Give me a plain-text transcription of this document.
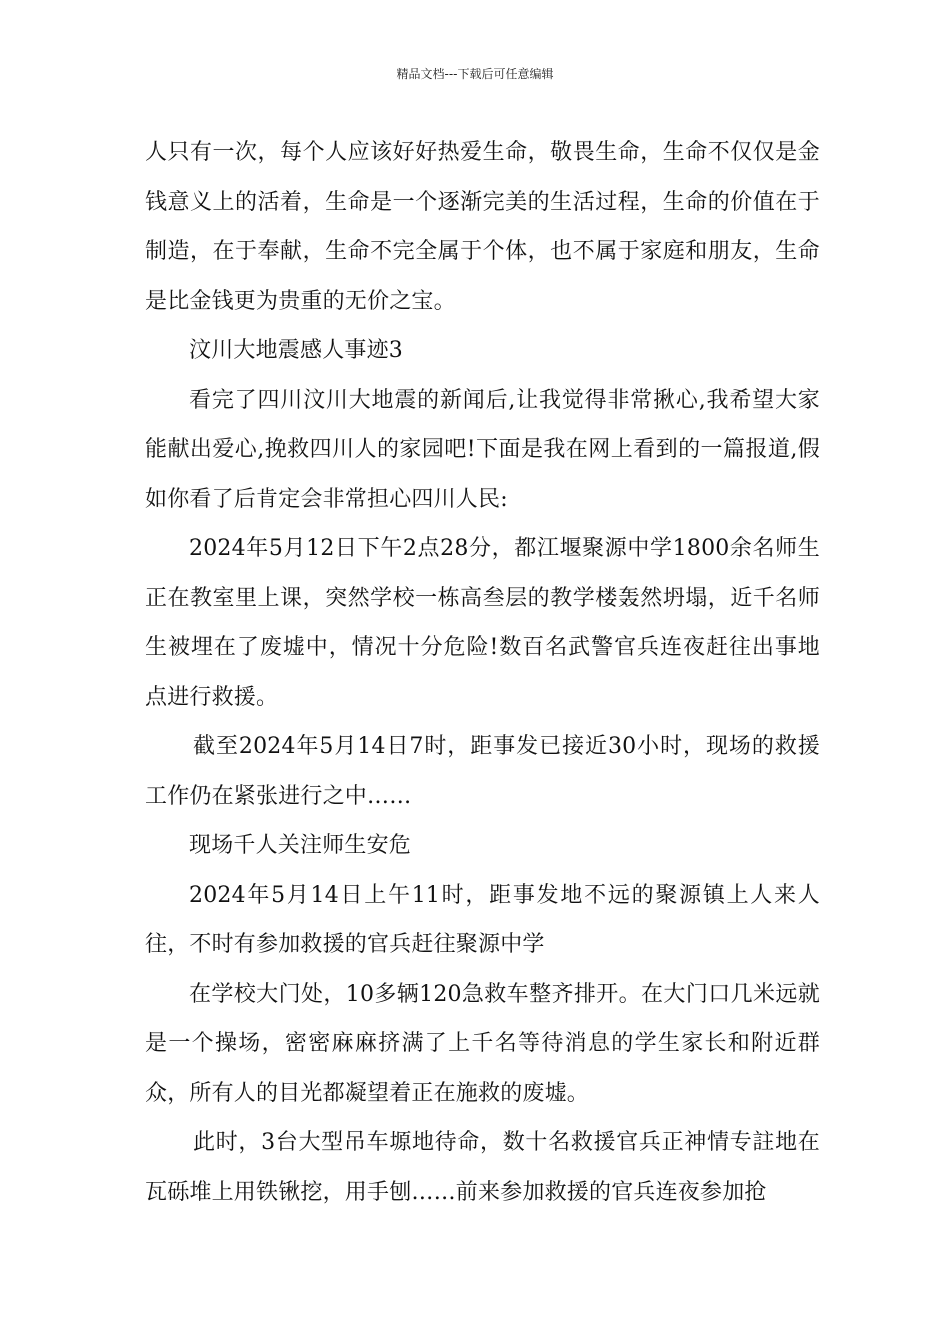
精品文档---下载后可任意编辑

人只有一次，每个人应该好好热爱生命，敬畏生命，生命不仅仅是金钱意义上的活着，生命是一个逐渐完美的生活过程，生命的价值在于制造，在于奉献，生命不完全属于个体，也不属于家庭和朋友，生命是比金钱更为贵重的无价之宝。

汶川大地震感人事迹3

看完了四川汶川大地震的新闻后,让我觉得非常揪心,我希望大家能献出爱心,挽救四川人的家园吧!下面是我在网上看到的一篇报道,假如你看了后肯定会非常担心四川人民:

2024年5月12日下午2点28分，都江堰聚源中学1800余名师生正在教室里上课，突然学校一栋高叁层的教学楼轰然坍塌，近千名师生被埋在了废墟中，情况十分危险!数百名武警官兵连夜赶往出事地点进行救援。

截至2024年5月14日7时，距事发已接近30小时，现场的救援工作仍在紧张进行之中……

现场千人关注师生安危

2024年5月14日上午11时，距事发地不远的聚源镇上人来人往，不时有参加救援的官兵赶往聚源中学

在学校大门处，10多辆120急救车整齐排开。在大门口几米远就是一个操场，密密麻麻挤满了上千名等待消息的学生家长和附近群众，所有人的目光都凝望着正在施救的废墟。

此时，3台大型吊车塬地待命，数十名救援官兵正神情专註地在瓦砾堆上用铁锹挖，用手刨……前来参加救援的官兵连夜参加抢
